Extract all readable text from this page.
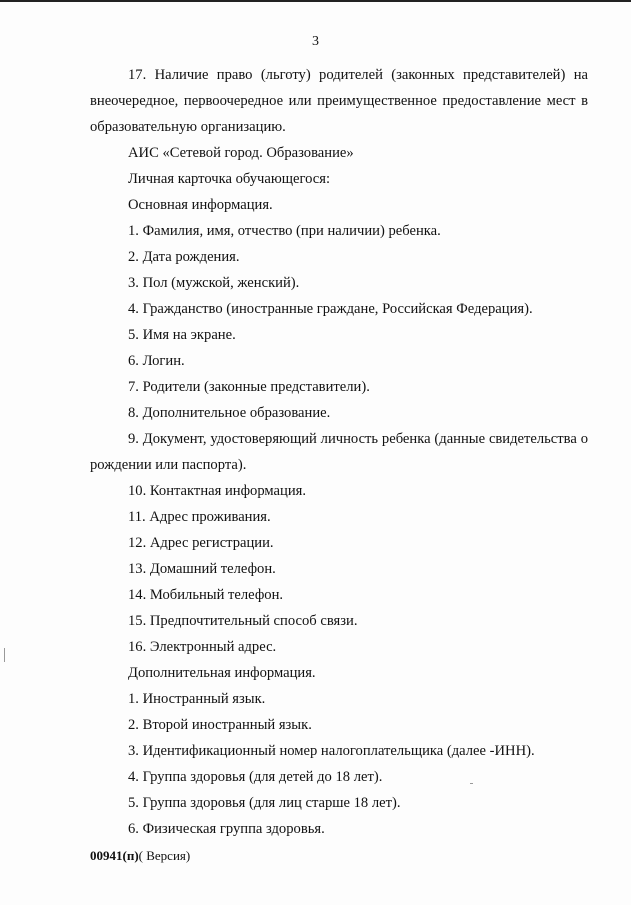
3

17. Наличие право (льготу) родителей (законных представителей) на внеочередное, первоочередное или преимущественное предоставление мест в образовательную организацию.

АИС «Сетевой город. Образование»

Личная карточка обучающегося:

Основная информация.

1. Фамилия, имя, отчество (при наличии) ребенка.

2. Дата рождения.

3. Пол (мужской, женский).

4. Гражданство (иностранные граждане, Российская Федерация).

5. Имя на экране.

6. Логин.

7. Родители (законные представители).

8. Дополнительное образование.

9. Документ, удостоверяющий личность ребенка (данные свидетельства о рождении или паспорта).

10. Контактная информация.

11. Адрес проживания.

12. Адрес регистрации.

13. Домашний телефон.

14. Мобильный телефон.

15. Предпочтительный способ связи.

16. Электронный адрес.

Дополнительная информация.

1. Иностранный язык.

2. Второй иностранный язык.

3. Идентификационный номер налогоплательщика (далее -ИНН).

4. Группа здоровья (для детей до 18 лет).

5. Группа здоровья (для лиц старше 18 лет).

6. Физическая группа здоровья.

00941(п)( Версия)
